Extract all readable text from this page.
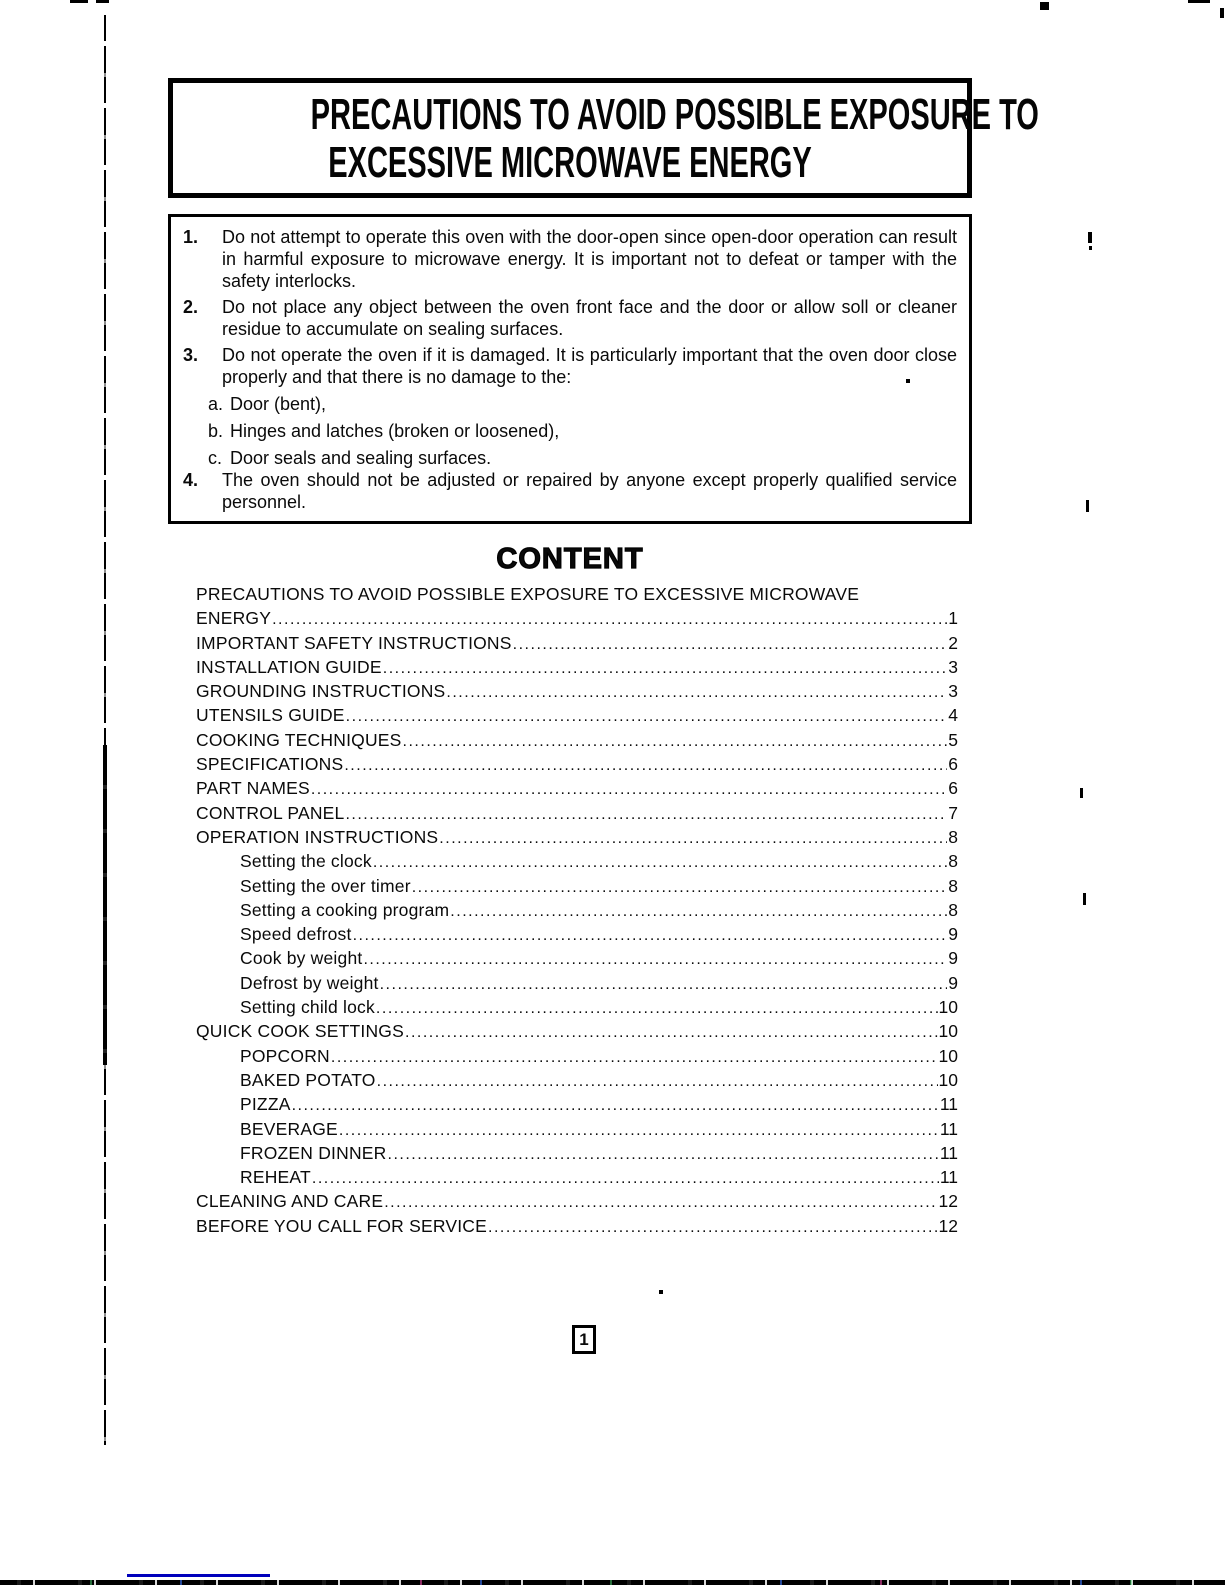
PRECAUTIONS TO AVOID POSSIBLE EXPOSURE TO
EXCESSIVE MICROWAVE ENERGY
1.	Do not attempt to operate this oven with the door-open since open-door operation can result in harmful exposure to microwave energy. It is important not to defeat or tamper with the safety interlocks.
2.	Do not place any object between the oven front face and the door or allow soll or cleaner residue to accumulate on sealing surfaces.
3.	Do not operate the oven if it is damaged. It is particularly important that the oven door close properly and that there is no damage to the:
a. Door (bent),
b. Hinges and latches (broken or loosened),
c. Door seals and sealing surfaces.
4.	The oven should not be adjusted or repaired by anyone except properly qualified service personnel.
CONTENT
PRECAUTIONS TO AVOID POSSIBLE EXPOSURE TO EXCESSIVE MICROWAVE
ENERGY .....	1
IMPORTANT SAFETY INSTRUCTIONS .....	2
INSTALLATION GUIDE .....	3
GROUNDING INSTRUCTIONS .....	3
UTENSILS GUIDE .....	4
COOKING TECHNIQUES .....	5
SPECIFICATIONS .....	6
PART NAMES .....	6
CONTROL PANEL .....	7
OPERATION INSTRUCTIONS .....	8
Setting the clock .....	8
Setting the over timer .....	8
Setting a cooking program .....	8
Speed defrost .....	9
Cook by weight .....	9
Defrost by weight .....	9
Setting child lock .....	10
QUICK COOK SETTINGS .....	10
POPCORN .....	10
BAKED POTATO .....	10
PIZZA .....	11
BEVERAGE .....	11
FROZEN DINNER .....	11
REHEAT .....	11
CLEANING AND CARE .....	12
BEFORE YOU CALL FOR SERVICE .....	12
1
